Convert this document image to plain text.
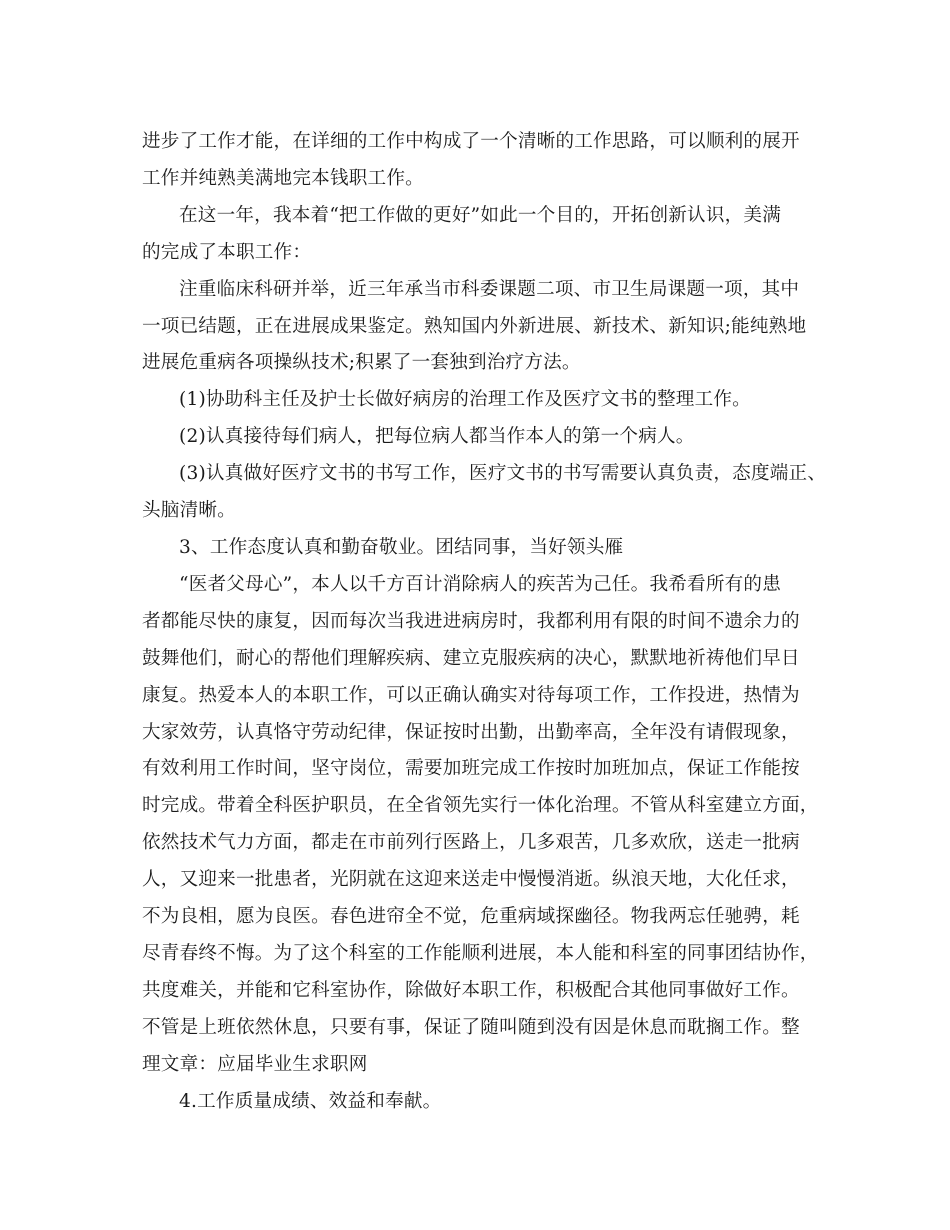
进步了工作才能，在详细的工作中构成了一个清晰的工作思路，可以顺利的展开
工作并纯熟美满地完本钱职工作。

在这一年，我本着“把工作做的更好”如此一个目的，开拓创新认识，美满
的完成了本职工作：

注重临床科研并举，近三年承当市科委课题二项、市卫生局课题一项，其中
一项已结题，正在进展成果鉴定。熟知国内外新进展、新技术、新知识;能纯熟地
进展危重病各项操纵技术;积累了一套独到治疗方法。

(1)协助科主任及护士长做好病房的治理工作及医疗文书的整理工作。

(2)认真接待每们病人，把每位病人都当作本人的第一个病人。

(3)认真做好医疗文书的书写工作，医疗文书的书写需要认真负责，态度端正、
头脑清晰。

3、工作态度认真和勤奋敬业。团结同事，当好领头雁

“医者父母心”，本人以千方百计消除病人的疾苦为己任。我希看所有的患
者都能尽快的康复，因而每次当我进进病房时，我都利用有限的时间不遗余力的
鼓舞他们，耐心的帮他们理解疾病、建立克服疾病的决心，默默地祈祷他们早日
康复。热爱本人的本职工作，可以正确认确实对待每项工作，工作投进，热情为
大家效劳，认真恪守劳动纪律，保证按时出勤，出勤率高，全年没有请假现象，
有效利用工作时间，坚守岗位，需要加班完成工作按时加班加点，保证工作能按
时完成。带着全科医护职员，在全省领先实行一体化治理。不管从科室建立方面，
依然技术气力方面，都走在市前列行医路上，几多艰苦，几多欢欣，送走一批病
人，又迎来一批患者，光阴就在这迎来送走中慢慢消逝。纵浪天地，大化任求，
不为良相，愿为良医。春色进帘全不觉，危重病域探幽径。物我两忘任驰骋，耗
尽青春终不悔。为了这个科室的工作能顺利进展，本人能和科室的同事团结协作，
共度难关，并能和它科室协作，除做好本职工作，积极配合其他同事做好工作。
不管是上班依然休息，只要有事，保证了随叫随到没有因是休息而耽搁工作。整
理文章：应届毕业生求职网

4.工作质量成绩、效益和奉献。
